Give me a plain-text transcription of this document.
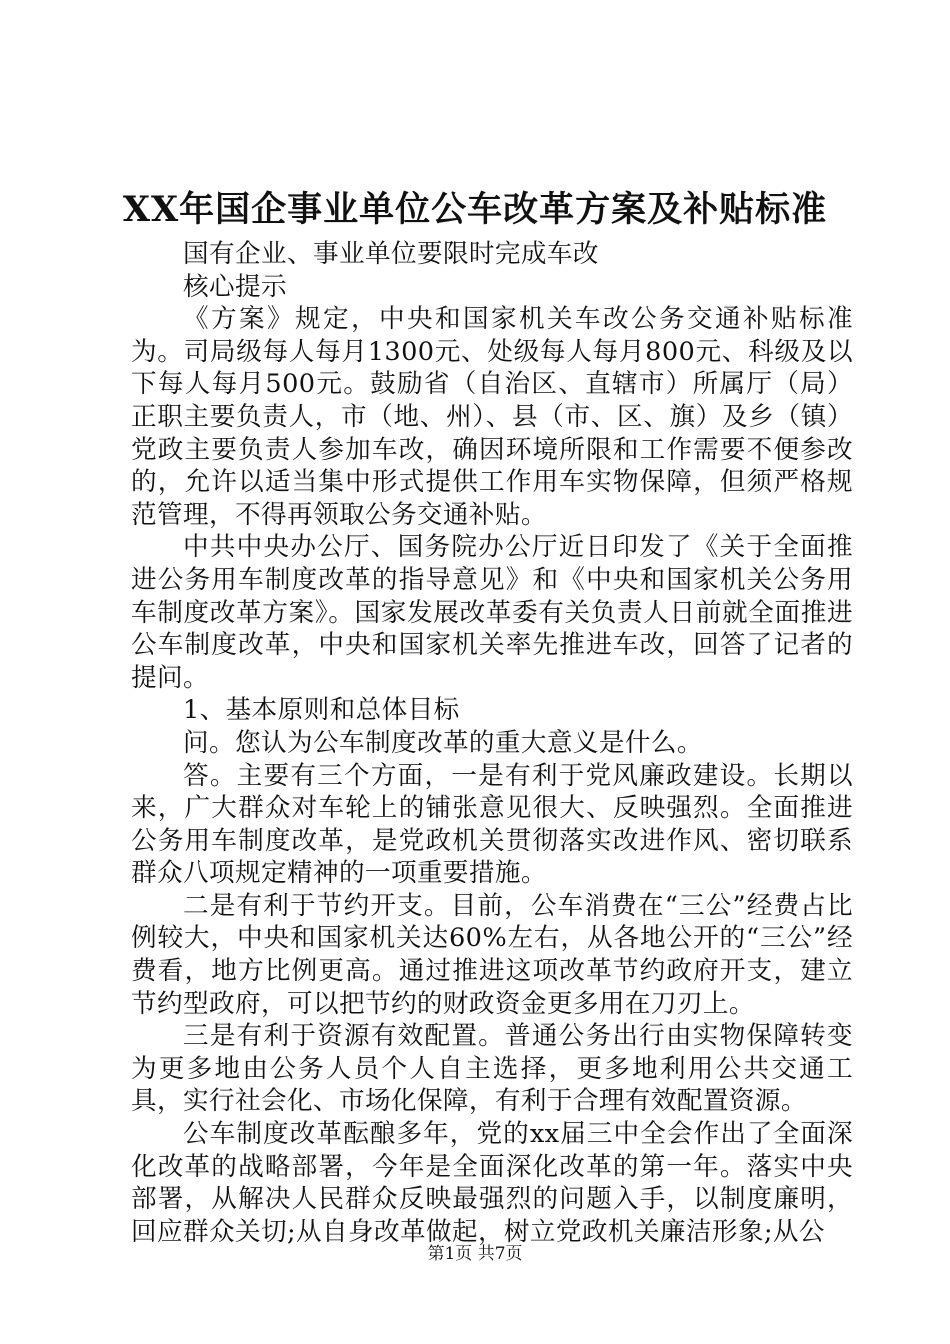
XX年国企事业单位公车改革方案及补贴标准

国有企业、事业单位要限时完成车改

核心提示

《方案》规定，中央和国家机关车改公务交通补贴标准为。司局级每人每月1300元、处级每人每月800元、科级及以下每人每月500元。鼓励省（自治区、直辖市）所属厅（局）正职主要负责人，市（地、州）、县（市、区、旗）及乡（镇）党政主要负责人参加车改，确因环境所限和工作需要不便参改的，允许以适当集中形式提供工作用车实物保障，但须严格规范管理，不得再领取公务交通补贴。

中共中央办公厅、国务院办公厅近日印发了《关于全面推进公务用车制度改革的指导意见》和《中央和国家机关公务用车制度改革方案》。国家发展改革委有关负责人日前就全面推进公车制度改革，中央和国家机关率先推进车改，回答了记者的提问。

1、基本原则和总体目标

问。您认为公车制度改革的重大意义是什么。

答。主要有三个方面，一是有利于党风廉政建设。长期以来，广大群众对车轮上的铺张意见很大、反映强烈。全面推进公务用车制度改革，是党政机关贯彻落实改进作风、密切联系群众八项规定精神的一项重要措施。

二是有利于节约开支。目前，公车消费在“三公”经费占比例较大，中央和国家机关达60%左右，从各地公开的“三公”经费看，地方比例更高。通过推进这项改革节约政府开支，建立节约型政府，可以把节约的财政资金更多用在刀刃上。

三是有利于资源有效配置。普通公务出行由实物保障转变为更多地由公务人员个人自主选择，更多地利用公共交通工具，实行社会化、市场化保障，有利于合理有效配置资源。

公车制度改革酝酿多年，党的xx届三中全会作出了全面深化改革的战略部署，今年是全面深化改革的第一年。落实中央部署，从解决人民群众反映最强烈的问题入手，以制度廉明，回应群众关切;从自身改革做起，树立党政机关廉洁形象;从公

第1页 共7页
